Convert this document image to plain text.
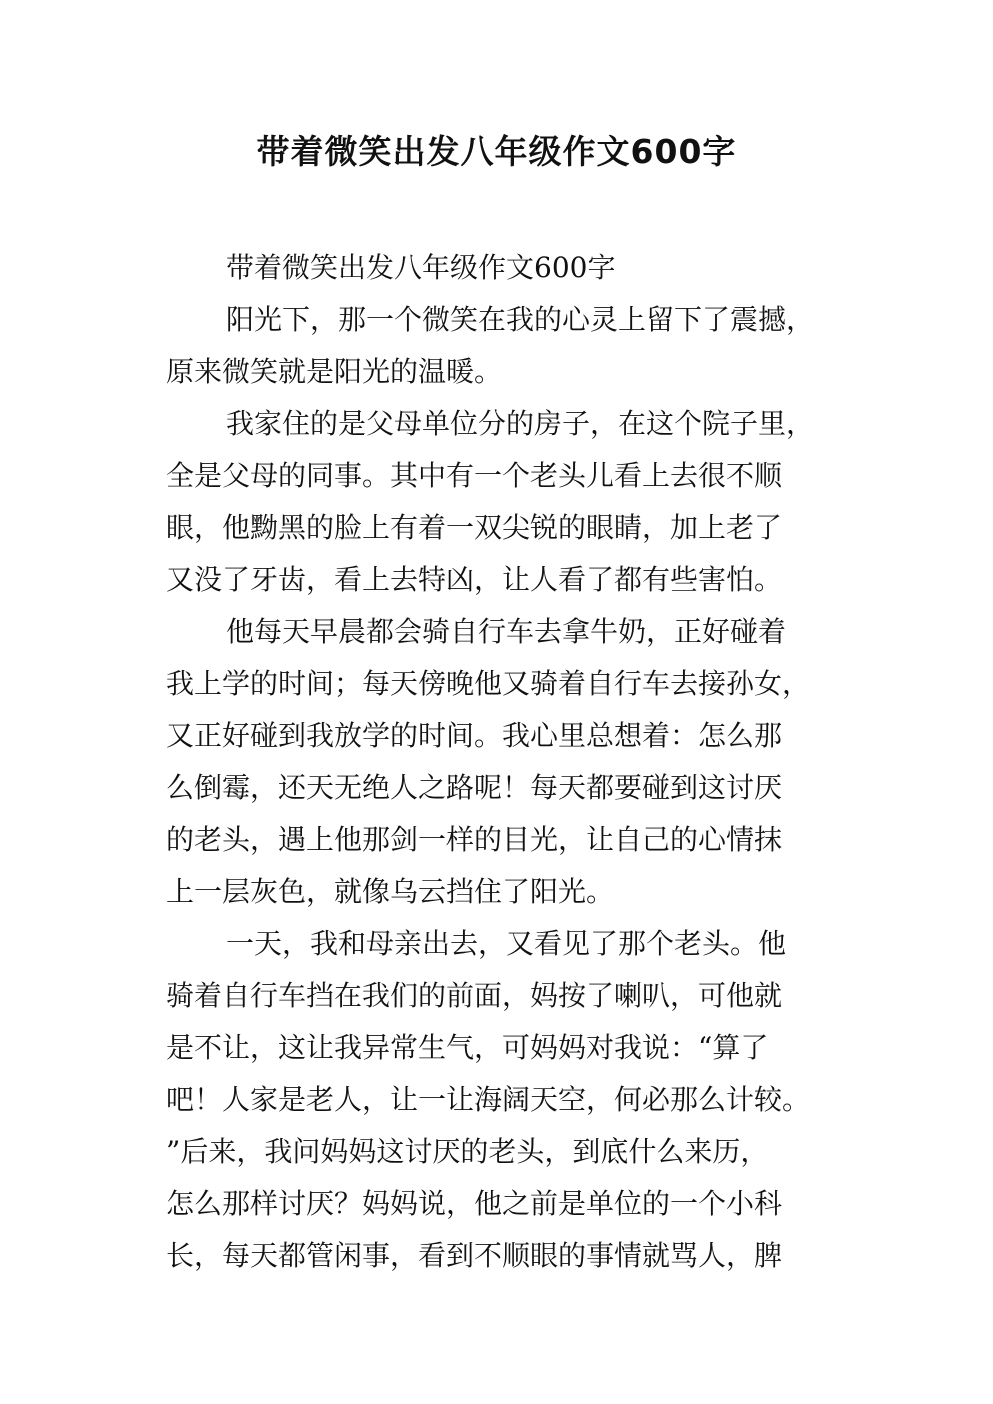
带着微笑出发八年级作文600字
带着微笑出发八年级作文600字
阳光下，那一个微笑在我的心灵上留下了震撼，
原来微笑就是阳光的温暖。
我家住的是父母单位分的房子，在这个院子里，
全是父母的同事。其中有一个老头儿看上去很不顺
眼，他黝黑的脸上有着一双尖锐的眼睛，加上老了
又没了牙齿，看上去特凶，让人看了都有些害怕。
他每天早晨都会骑自行车去拿牛奶，正好碰着
我上学的时间；每天傍晚他又骑着自行车去接孙女，
又正好碰到我放学的时间。我心里总想着：怎么那
么倒霉，还天无绝人之路呢！每天都要碰到这讨厌
的老头，遇上他那剑一样的目光，让自己的心情抹
上一层灰色，就像乌云挡住了阳光。
一天，我和母亲出去，又看见了那个老头。他
骑着自行车挡在我们的前面，妈按了喇叭，可他就
是不让，这让我异常生气，可妈妈对我说：“算了
吧！人家是老人，让一让海阔天空，何必那么计较。
”后来，我问妈妈这讨厌的老头，到底什么来历，
怎么那样讨厌？妈妈说，他之前是单位的一个小科
长，每天都管闲事，看到不顺眼的事情就骂人，脾
